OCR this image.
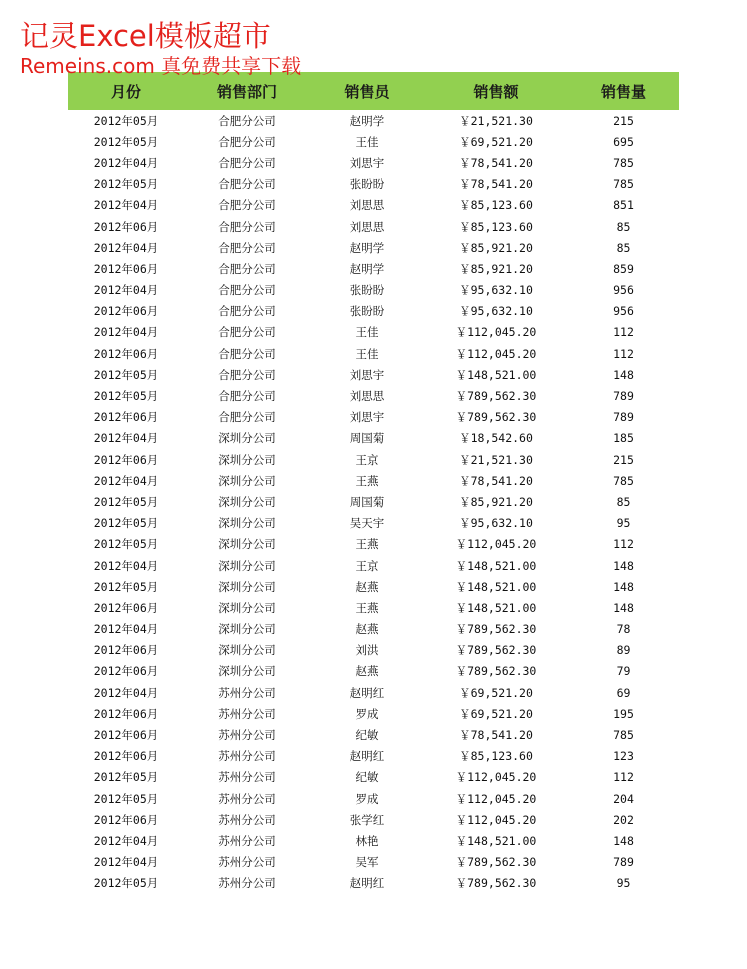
记灵Excel模板超市
Remeins.com 真免费共享下载
月份	销售部门	销售员	销售额	销售量
2012年05月	合肥分公司	赵明学	￥21,521.30	215
2012年05月	合肥分公司	王佳	￥69,521.20	695
2012年04月	合肥分公司	刘思宇	￥78,541.20	785
2012年05月	合肥分公司	张盼盼	￥78,541.20	785
2012年04月	合肥分公司	刘思思	￥85,123.60	851
2012年06月	合肥分公司	刘思思	￥85,123.60	85
2012年04月	合肥分公司	赵明学	￥85,921.20	85
2012年06月	合肥分公司	赵明学	￥85,921.20	859
2012年04月	合肥分公司	张盼盼	￥95,632.10	956
2012年06月	合肥分公司	张盼盼	￥95,632.10	956
2012年04月	合肥分公司	王佳	￥112,045.20	112
2012年06月	合肥分公司	王佳	￥112,045.20	112
2012年05月	合肥分公司	刘思宇	￥148,521.00	148
2012年05月	合肥分公司	刘思思	￥789,562.30	789
2012年06月	合肥分公司	刘思宇	￥789,562.30	789
2012年04月	深圳分公司	周国菊	￥18,542.60	185
2012年06月	深圳分公司	王京	￥21,521.30	215
2012年04月	深圳分公司	王燕	￥78,541.20	785
2012年05月	深圳分公司	周国菊	￥85,921.20	85
2012年05月	深圳分公司	吴天宇	￥95,632.10	95
2012年05月	深圳分公司	王燕	￥112,045.20	112
2012年04月	深圳分公司	王京	￥148,521.00	148
2012年05月	深圳分公司	赵燕	￥148,521.00	148
2012年06月	深圳分公司	王燕	￥148,521.00	148
2012年04月	深圳分公司	赵燕	￥789,562.30	78
2012年06月	深圳分公司	刘洪	￥789,562.30	89
2012年06月	深圳分公司	赵燕	￥789,562.30	79
2012年04月	苏州分公司	赵明红	￥69,521.20	69
2012年06月	苏州分公司	罗成	￥69,521.20	195
2012年06月	苏州分公司	纪敏	￥78,541.20	785
2012年06月	苏州分公司	赵明红	￥85,123.60	123
2012年05月	苏州分公司	纪敏	￥112,045.20	112
2012年05月	苏州分公司	罗成	￥112,045.20	204
2012年06月	苏州分公司	张学红	￥112,045.20	202
2012年04月	苏州分公司	林艳	￥148,521.00	148
2012年04月	苏州分公司	吴军	￥789,562.30	789
2012年05月	苏州分公司	赵明红	￥789,562.30	95
